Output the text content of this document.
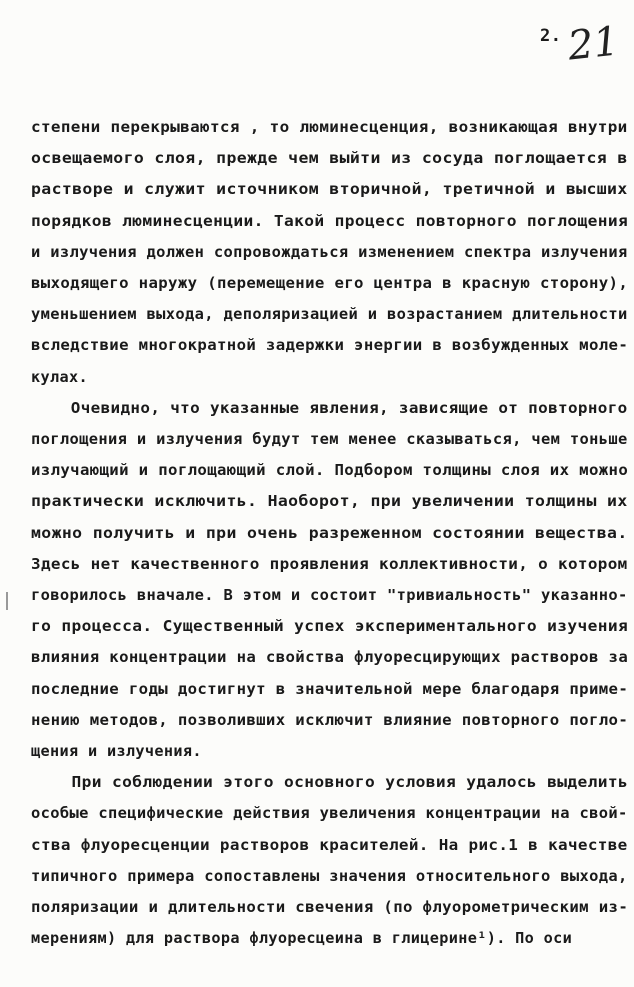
2. 21
степени перекрываются , то люминесценция, возникающая внутри
освещаемого слоя, прежде чем выйти из сосуда поглощается в
растворе и служит источником вторичной, третичной и высших
порядков люминесценции. Такой процесс повторного поглощения
и излучения должен сопровождаться изменением спектра излучения
выходящего наружу (перемещение его центра в красную сторону),
уменьшением выхода, деполяризацией и возрастанием длительности
вследствие многократной задержки энергии в возбужденных моле-
кулах.
Очевидно, что указанные явления, зависящие от повторного
поглощения и излучения будут тем менее сказываться, чем тоньше
излучающий и поглощающий слой. Подбором толщины слоя их можно
практически исключить. Наоборот, при увеличении толщины их
можно получить и при очень разреженном состоянии вещества.
Здесь нет качественного проявления коллективности, о котором
говорилось вначале. В этом и состоит "тривиальность" указанно-
го процесса. Существенный успех экспериментального изучения
влияния концентрации на свойства флуоресцирующих растворов за
последние годы достигнут в значительной мере благодаря приме-
нению методов, позволивших исключит влияние повторного погло-
щения и излучения.
При соблюдении этого основного условия удалось выделить
особые специфические действия увеличения концентрации на свой-
ства флуоресценции растворов красителей. На рис.1 в качестве
типичного примера сопоставлены значения относительного выхода,
поляризации и длительности свечения (по флуорометрическим из-
мерениям) для раствора флуоресцеина в глицерине¹). По оси
